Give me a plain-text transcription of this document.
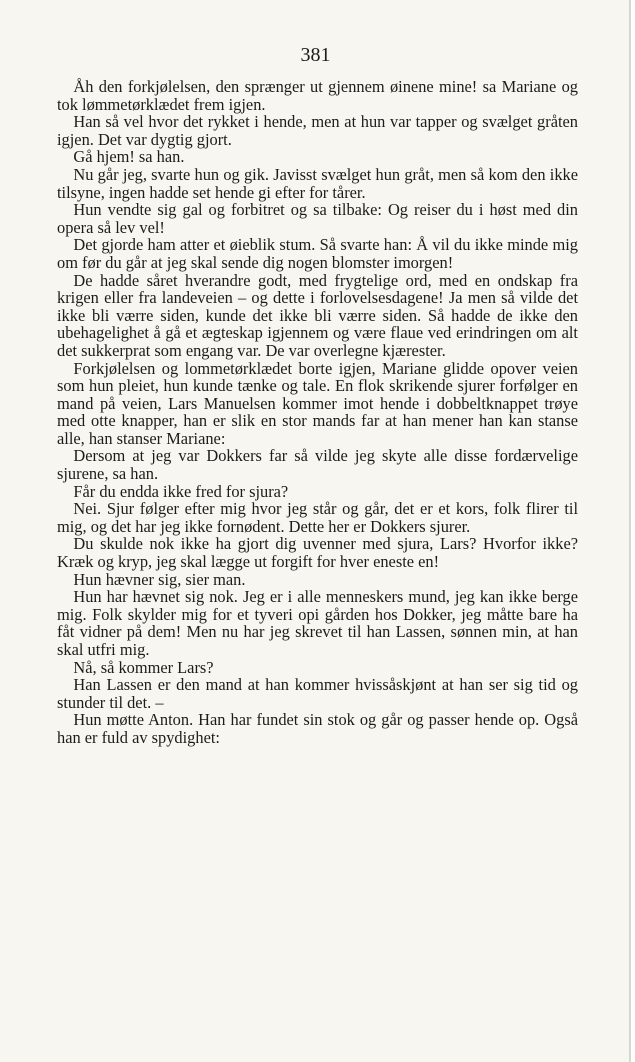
381

Åh den forkjølelsen, den sprænger ut gjennem øinene mine! sa Mariane og tok lømmetørklædet frem igjen.

Han så vel hvor det rykket i hende, men at hun var tapper og svælget gråten igjen. Det var dygtig gjort.

Gå hjem! sa han.

Nu går jeg, svarte hun og gik. Javisst svælget hun gråt, men så kom den ikke tilsyne, ingen hadde set hende gi efter for tårer.

Hun vendte sig gal og forbitret og sa tilbake: Og reiser du i høst med din opera så lev vel!

Det gjorde ham atter et øieblik stum. Så svarte han: Å vil du ikke minde mig om før du går at jeg skal sende dig nogen blomster imorgen!

De hadde såret hverandre godt, med frygtelige ord, med en ondskap fra krigen eller fra landeveien – og dette i forlovelsesdagene! Ja men så vilde det ikke bli værre siden, kunde det ikke bli værre siden. Så hadde de ikke den ubehagelighet å gå et ægteskap igjennem og være flaue ved erindringen om alt det sukkerprat som engang var. De var overlegne kjærester.

Forkjølelsen og lommetørklædet borte igjen, Mariane glidde opover veien som hun pleiet, hun kunde tænke og tale. En flok skrikende sjurer forfølger en mand på veien, Lars Manuelsen kommer imot hende i dobbeltknappet trøye med otte knapper, han er slik en stor mands far at han mener han kan stanse alle, han stanser Mariane:

Dersom at jeg var Dokkers far så vilde jeg skyte alle disse fordærvelige sjurene, sa han.

Får du endda ikke fred for sjura?

Nei. Sjur følger efter mig hvor jeg står og går, det er et kors, folk flirer til mig, og det har jeg ikke fornødent. Dette her er Dokkers sjurer.

Du skulde nok ikke ha gjort dig uvenner med sjura, Lars? Hvorfor ikke? Kræk og kryp, jeg skal lægge ut forgift for hver eneste en!

Hun hævner sig, sier man.

Hun har hævnet sig nok. Jeg er i alle menneskers mund, jeg kan ikke berge mig. Folk skylder mig for et tyveri opi gården hos Dokker, jeg måtte bare ha fåt vidner på dem! Men nu har jeg skrevet til han Lassen, sønnen min, at han skal utfri mig.

Nå, så kommer Lars?

Han Lassen er den mand at han kommer hvissåskjønt at han ser sig tid og stunder til det. –

Hun møtte Anton. Han har fundet sin stok og går og passer hende op. Også han er fuld av spydighet:
